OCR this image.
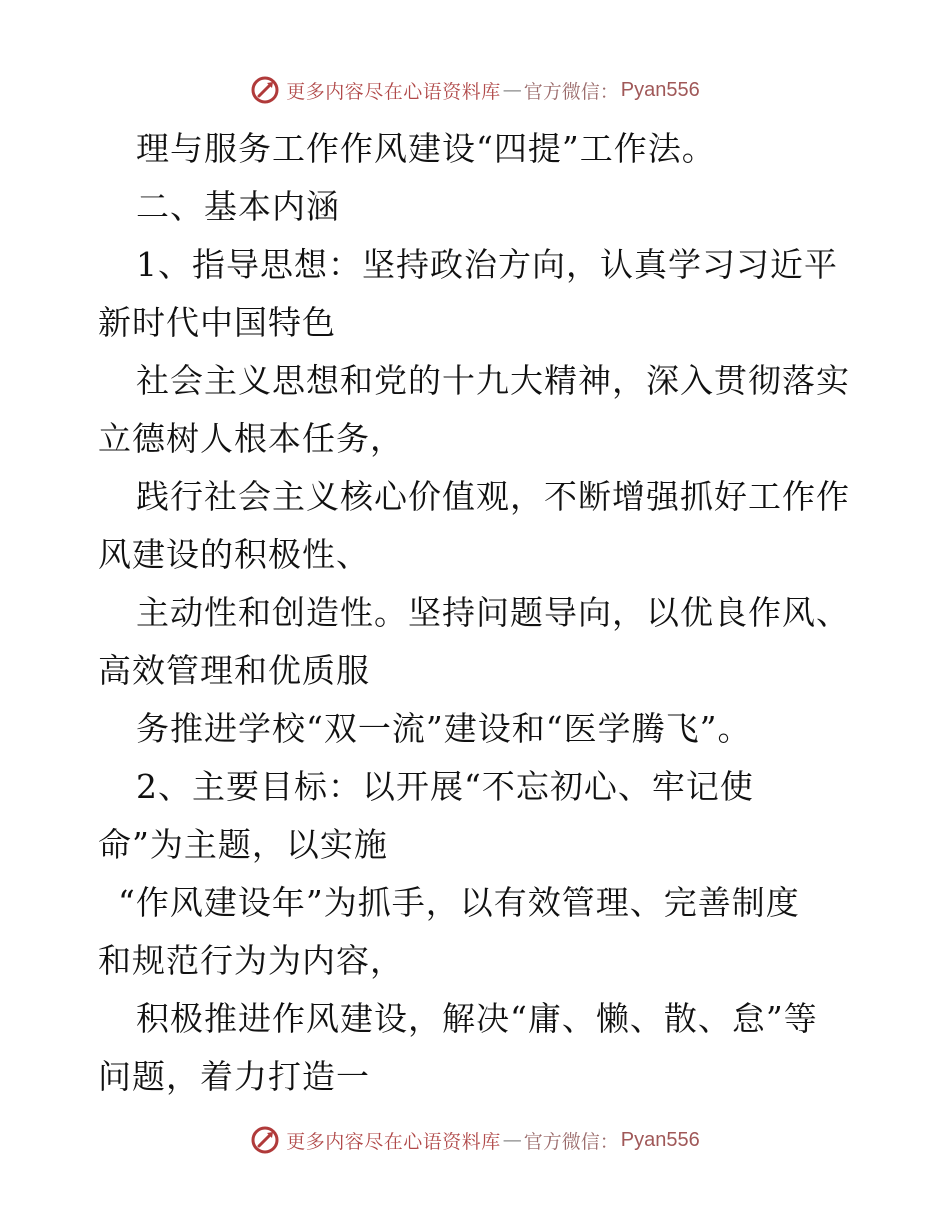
更多内容尽在心语资料库 — 官方微信： Pyan556
理与服务工作作风建设“四提”工作法。
二、基本内涵
1、指导思想：坚持政治方向，认真学习习近平
新时代中国特色
社会主义思想和党的十九大精神，深入贯彻落实
立德树人根本任务，
践行社会主义核心价值观，不断增强抓好工作作
风建设的积极性、
主动性和创造性。坚持问题导向，以优良作风、
高效管理和优质服
务推进学校“双一流”建设和“医学腾飞”。
2、主要目标：以开展“不忘初心、牢记使
命”为主题，以实施
“作风建设年”为抓手，以有效管理、完善制度
和规范行为为内容，
积极推进作风建设，解决“庸、懒、散、怠”等
问题，着力打造一
更多内容尽在心语资料库 — 官方微信： Pyan556
